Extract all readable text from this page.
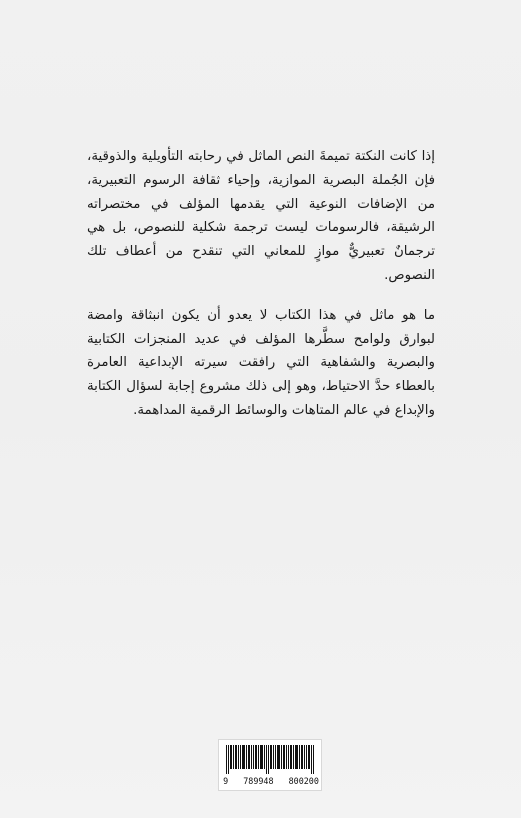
إذا كانت النكتة تميمةَ النص الماثل في رحابته التأويلية والذوقية، فإن الجُملة البصرية الموازية، وإحياء ثقافة الرسوم التعبيرية، من الإضافات النوعية التي يقدمها المؤلف في مختصراته الرشيقة، فالرسومات ليست ترجمة شكلية للنصوص، بل هي ترجمانٌ تعبيريٌّ موازٍ للمعاني التي تنقدح من أعطاف تلك النصوص.

ما هو ماثل في هذا الكتاب لا يعدو أن يكون انبثاقة وامضة لبوارق ولوامح سطَّرها المؤلف في عديد المنجزات الكتابية والبصرية والشفاهية التي رافقت سيرته الإبداعية العامرة بالعطاء حدَّ الاحتياط، وهو إلى ذلك مشروع إجابة لسؤال الكتابة والإبداع في عالم المتاهات والوسائط الرقمية المداهمة.

9   789948   800200
